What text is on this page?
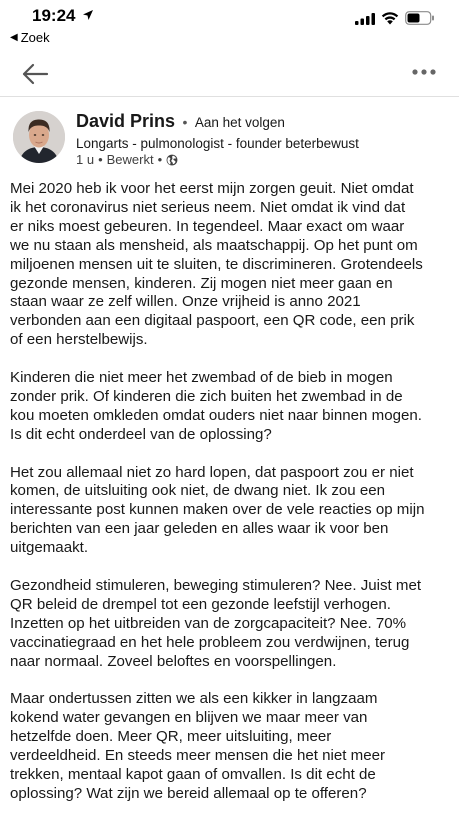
19:24
◀ Zoek
David Prins • Aan het volgen
Longarts - pulmonologist - founder beterbewust
1 u • Bewerkt •

Mei 2020 heb ik voor het eerst mijn zorgen geuit. Niet omdat
ik het coronavirus niet serieus neem. Niet omdat ik vind dat
er niks moest gebeuren. In tegendeel. Maar exact om waar
we nu staan als mensheid, als maatschappij. Op het punt om
miljoenen mensen uit te sluiten, te discrimineren. Grotendeels
gezonde mensen, kinderen. Zij mogen niet meer gaan en
staan waar ze zelf willen. Onze vrijheid is anno 2021
verbonden aan een digitaal paspoort, een QR code, een prik
of een herstelbewijs.

Kinderen die niet meer het zwembad of de bieb in mogen
zonder prik. Of kinderen die zich buiten het zwembad in de
kou moeten omkleden omdat ouders niet naar binnen mogen.
Is dit echt onderdeel van de oplossing?

Het zou allemaal niet zo hard lopen, dat paspoort zou er niet
komen, de uitsluiting ook niet, de dwang niet. Ik zou een
interessante post kunnen maken over de vele reacties op mijn
berichten van een jaar geleden en alles waar ik voor ben
uitgemaakt.

Gezondheid stimuleren, beweging stimuleren? Nee. Juist met
QR beleid de drempel tot een gezonde leefstijl verhogen.
Inzetten op het uitbreiden van de zorgcapaciteit? Nee. 70%
vaccinatiegraad en het hele probleem zou verdwijnen, terug
naar normaal. Zoveel beloftes en voorspellingen.

Maar ondertussen zitten we als een kikker in langzaam
kokend water gevangen en blijven we maar meer van
hetzelfde doen. Meer QR, meer uitsluiting, meer
verdeeldheid. En steeds meer mensen die het niet meer
trekken, mentaal kapot gaan of omvallen. Is dit echt de
oplossing? Wat zijn we bereid allemaal op te offeren?
